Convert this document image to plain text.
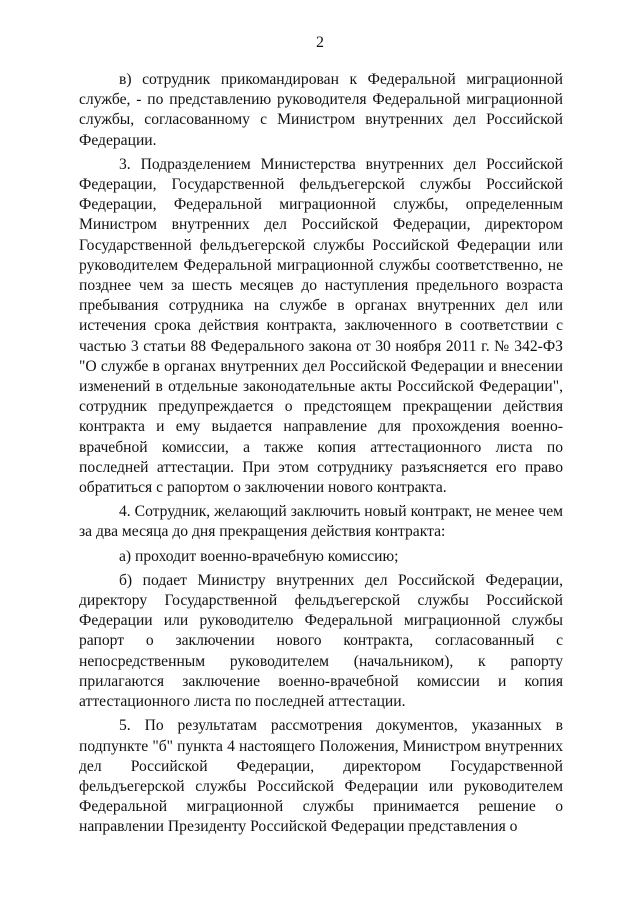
2

в) сотрудник прикомандирован к Федеральной миграционной службе, - по представлению руководителя Федеральной миграционной службы, согласованному с Министром внутренних дел Российской Федерации.

3. Подразделением Министерства внутренних дел Российской Федерации, Государственной фельдъегерской службы Российской Федерации, Федеральной миграционной службы, определенным Министром внутренних дел Российской Федерации, директором Государственной фельдъегерской службы Российской Федерации или руководителем Федеральной миграционной службы соответственно, не позднее чем за шесть месяцев до наступления предельного возраста пребывания сотрудника на службе в органах внутренних дел или истечения срока действия контракта, заключенного в соответствии с частью 3 статьи 88 Федерального закона от 30 ноября 2011 г. № 342-ФЗ "О службе в органах внутренних дел Российской Федерации и внесении изменений в отдельные законодательные акты Российской Федерации", сотрудник предупреждается о предстоящем прекращении действия контракта и ему выдается направление для прохождения военно-врачебной комиссии, а также копия аттестационного листа по последней аттестации. При этом сотруднику разъясняется его право обратиться с рапортом о заключении нового контракта.

4. Сотрудник, желающий заключить новый контракт, не менее чем за два месяца до дня прекращения действия контракта:

а) проходит военно-врачебную комиссию;

б) подает Министру внутренних дел Российской Федерации, директору Государственной фельдъегерской службы Российской Федерации или руководителю Федеральной миграционной службы рапорт о заключении нового контракта, согласованный с непосредственным руководителем (начальником), к рапорту прилагаются заключение военно-врачебной комиссии и копия аттестационного листа по последней аттестации.

5. По результатам рассмотрения документов, указанных в подпункте "б" пункта 4 настоящего Положения, Министром внутренних дел Российской Федерации, директором Государственной фельдъегерской службы Российской Федерации или руководителем Федеральной миграционной службы принимается решение о направлении Президенту Российской Федерации представления о
